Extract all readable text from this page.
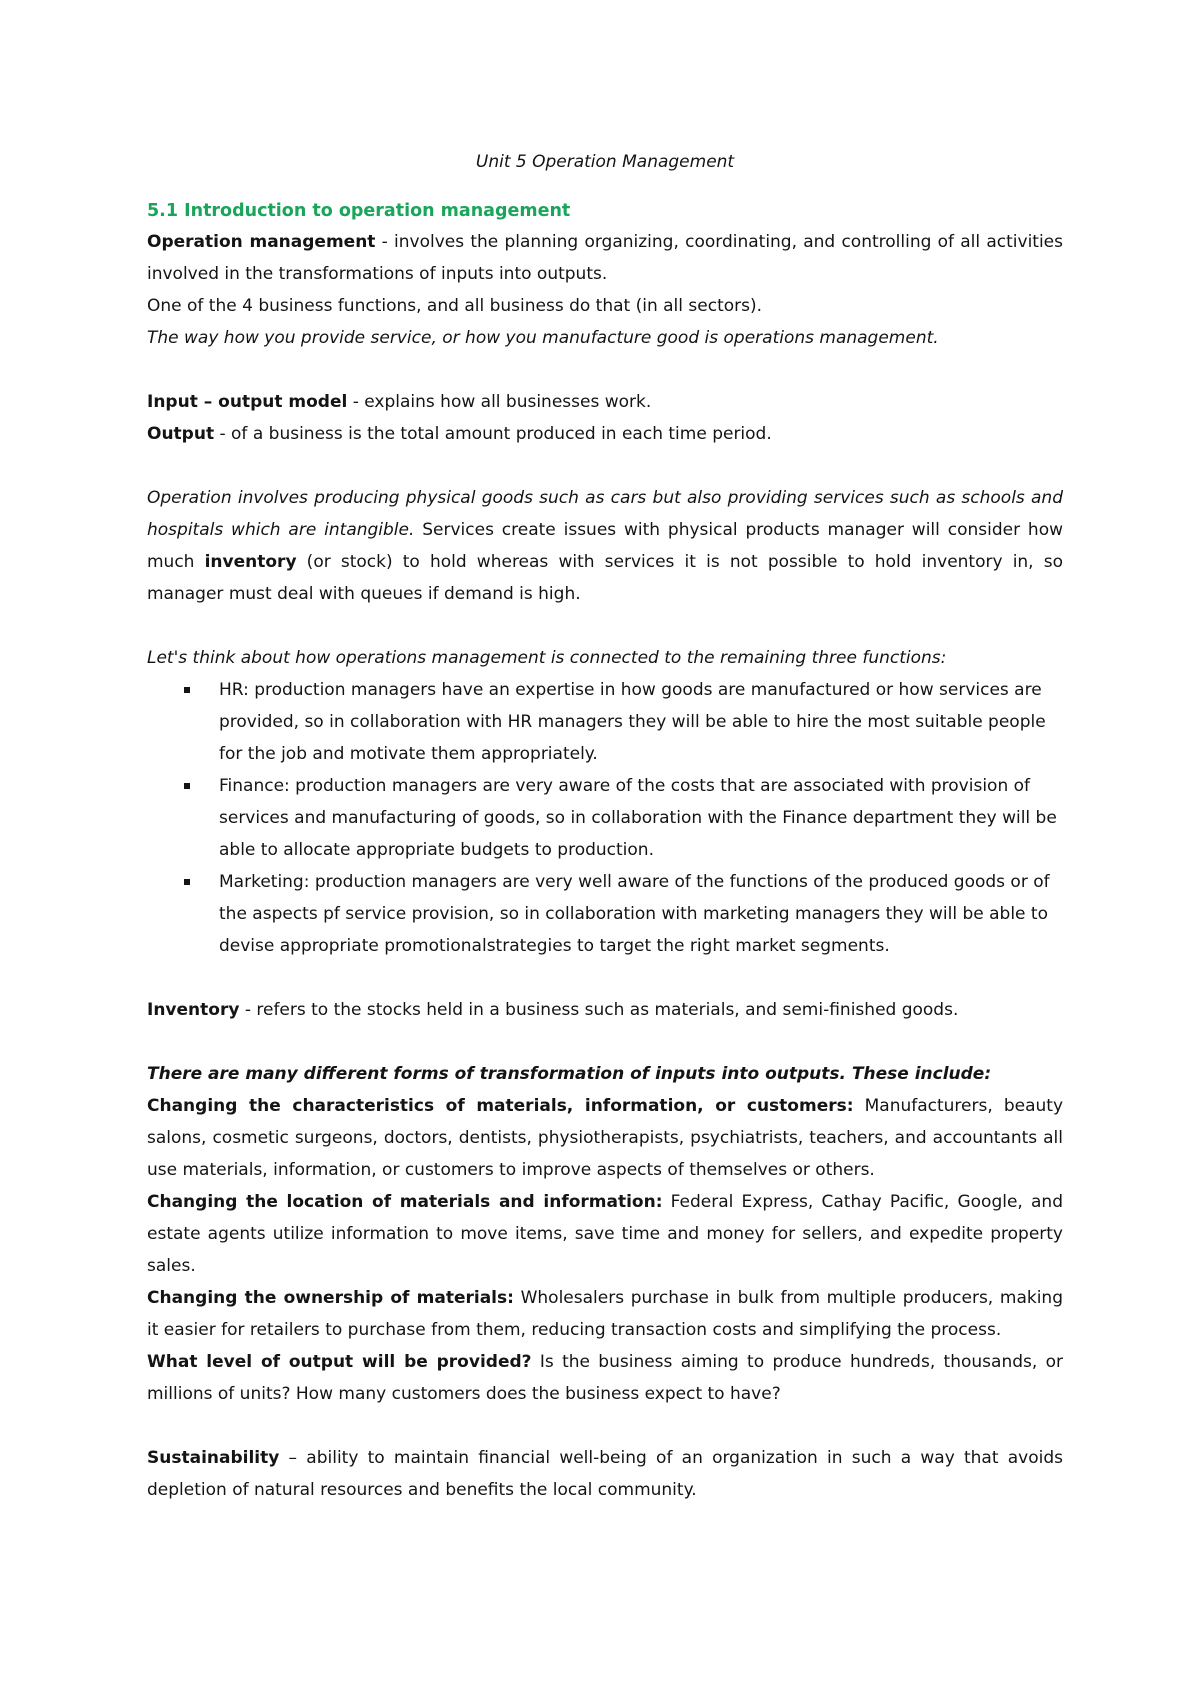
Unit 5 Operation Management
5.1 Introduction to operation management

Operation management - involves the planning organizing, coordinating, and controlling of all activities involved in the transformations of inputs into outputs.

One of the 4 business functions, and all business do that (in all sectors).

The way how you provide service, or how you manufacture good is operations management.

Input – output model - explains how all businesses work.

Output - of a business is the total amount produced in each time period.

Operation involves producing physical goods such as cars but also providing services such as schools and hospitals which are intangible. Services create issues with physical products manager will consider how much inventory (or stock) to hold whereas with services it is not possible to hold inventory in, so manager must deal with queues if demand is high.

Let's think about how operations management is connected to the remaining three functions:

HR: production managers have an expertise in how goods are manufactured or how services are provided, so in collaboration with HR managers they will be able to hire the most suitable people for the job and motivate them appropriately.
Finance: production managers are very aware of the costs that are associated with provision of services and manufacturing of goods, so in collaboration with the Finance department they will be able to allocate appropriate budgets to production.
Marketing: production managers are very well aware of the functions of the produced goods or of the aspects pf service provision, so in collaboration with marketing managers they will be able to devise appropriate promotionalstrategies to target the right market segments.

Inventory - refers to the stocks held in a business such as materials, and semi-finished goods.

There are many different forms of transformation of inputs into outputs. These include:

Changing the characteristics of materials, information, or customers: Manufacturers, beauty salons, cosmetic surgeons, doctors, dentists, physiotherapists, psychiatrists, teachers, and accountants all use materials, information, or customers to improve aspects of themselves or others.

Changing the location of materials and information: Federal Express, Cathay Pacific, Google, and estate agents utilize information to move items, save time and money for sellers, and expedite property sales.

Changing the ownership of materials: Wholesalers purchase in bulk from multiple producers, making it easier for retailers to purchase from them, reducing transaction costs and simplifying the process.

What level of output will be provided? Is the business aiming to produce hundreds, thousands, or millions of units? How many customers does the business expect to have?

Sustainability – ability to maintain financial well-being of an organization in such a way that avoids depletion of natural resources and benefits the local community.
